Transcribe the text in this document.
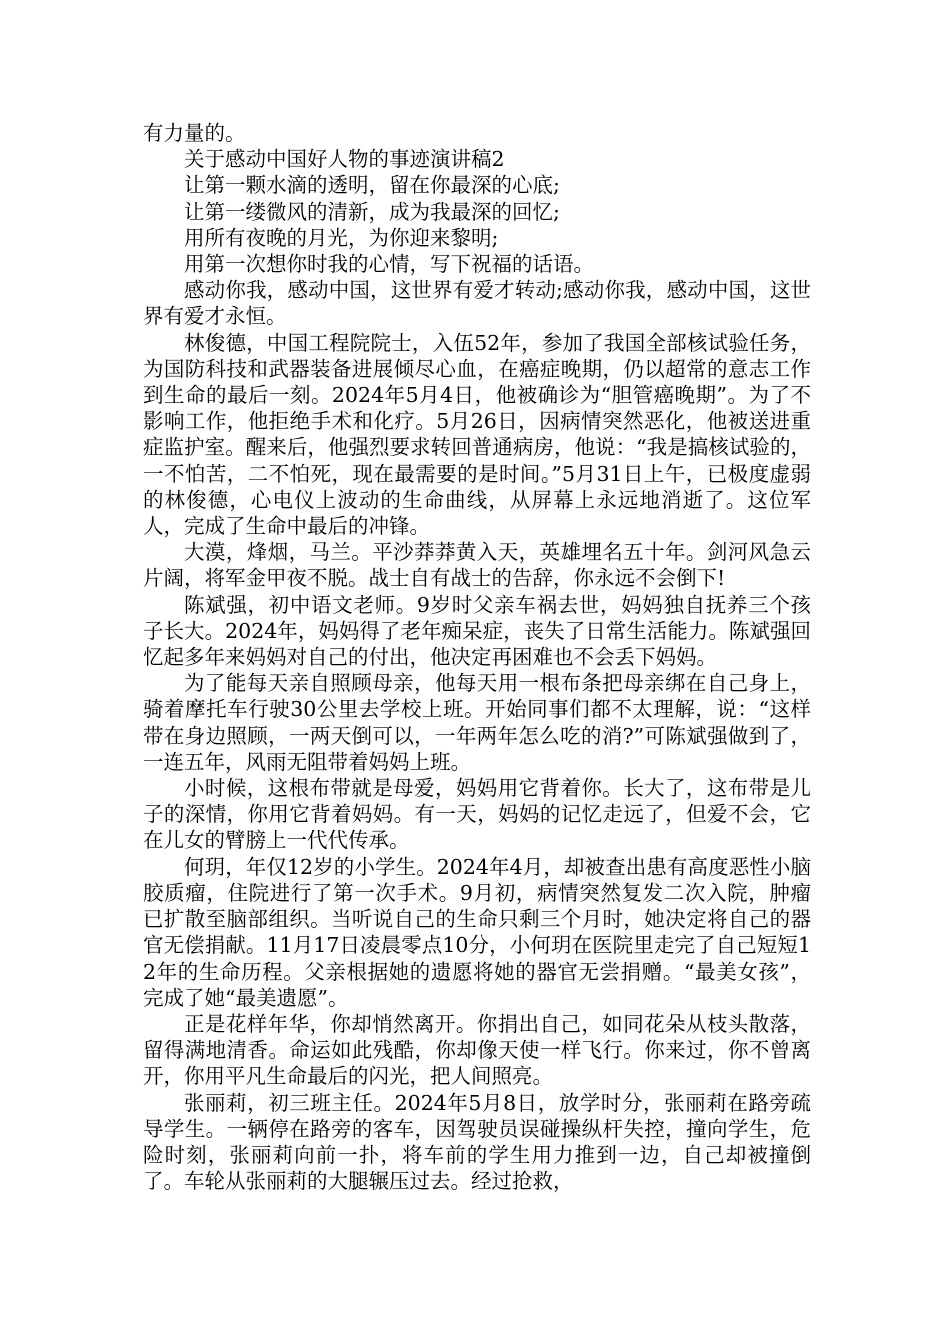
有力量的。

关于感动中国好人物的事迹演讲稿2

让第一颗水滴的透明，留在你最深的心底;

让第一缕微风的清新，成为我最深的回忆;

用所有夜晚的月光，为你迎来黎明;

用第一次想你时我的心情，写下祝福的话语。

感动你我，感动中国，这世界有爱才转动;感动你我，感动中国，这世界有爱才永恒。

林俊德，中国工程院院士，入伍52年，参加了我国全部核试验任务，为国防科技和武器装备进展倾尽心血，在癌症晚期，仍以超常的意志工作到生命的最后一刻。2024年5月4日，他被确诊为“胆管癌晚期”。为了不影响工作，他拒绝手术和化疗。5月26日，因病情突然恶化，他被送进重症监护室。醒来后，他强烈要求转回普通病房，他说：“我是搞核试验的，一不怕苦，二不怕死，现在最需要的是时间。”5月31日上午，已极度虚弱的林俊德，心电仪上波动的生命曲线，从屏幕上永远地消逝了。这位军人，完成了生命中最后的冲锋。

大漠，烽烟，马兰。平沙莽莽黄入天，英雄埋名五十年。剑河风急云片阔，将军金甲夜不脱。战士自有战士的告辞，你永远不会倒下!

陈斌强，初中语文老师。9岁时父亲车祸去世，妈妈独自抚养三个孩子长大。2024年，妈妈得了老年痴呆症，丧失了日常生活能力。陈斌强回忆起多年来妈妈对自己的付出，他决定再困难也不会丢下妈妈。

为了能每天亲自照顾母亲，他每天用一根布条把母亲绑在自己身上，骑着摩托车行驶30公里去学校上班。开始同事们都不太理解，说：“这样带在身边照顾，一两天倒可以，一年两年怎么吃的消?”可陈斌强做到了，一连五年，风雨无阻带着妈妈上班。

小时候，这根布带就是母爱，妈妈用它背着你。长大了，这布带是儿子的深情，你用它背着妈妈。有一天，妈妈的记忆走远了，但爱不会，它在儿女的臂膀上一代代传承。

何玥，年仅12岁的小学生。2024年4月，却被查出患有高度恶性小脑胶质瘤，住院进行了第一次手术。9月初，病情突然复发二次入院，肿瘤已扩散至脑部组织。当听说自己的生命只剩三个月时，她决定将自己的器官无偿捐献。11月17日凌晨零点10分，小何玥在医院里走完了自己短短12年的生命历程。父亲根据她的遗愿将她的器官无尝捐赠。“最美女孩”，完成了她“最美遗愿”。

正是花样年华，你却悄然离开。你捐出自己，如同花朵从枝头散落，留得满地清香。命运如此残酷，你却像天使一样飞行。你来过，你不曾离开，你用平凡生命最后的闪光，把人间照亮。

张丽莉，初三班主任。2024年5月8日，放学时分，张丽莉在路旁疏导学生。一辆停在路旁的客车，因驾驶员误碰操纵杆失控，撞向学生，危险时刻，张丽莉向前一扑，将车前的学生用力推到一边，自己却被撞倒了。车轮从张丽莉的大腿辗压过去。经过抢救，
